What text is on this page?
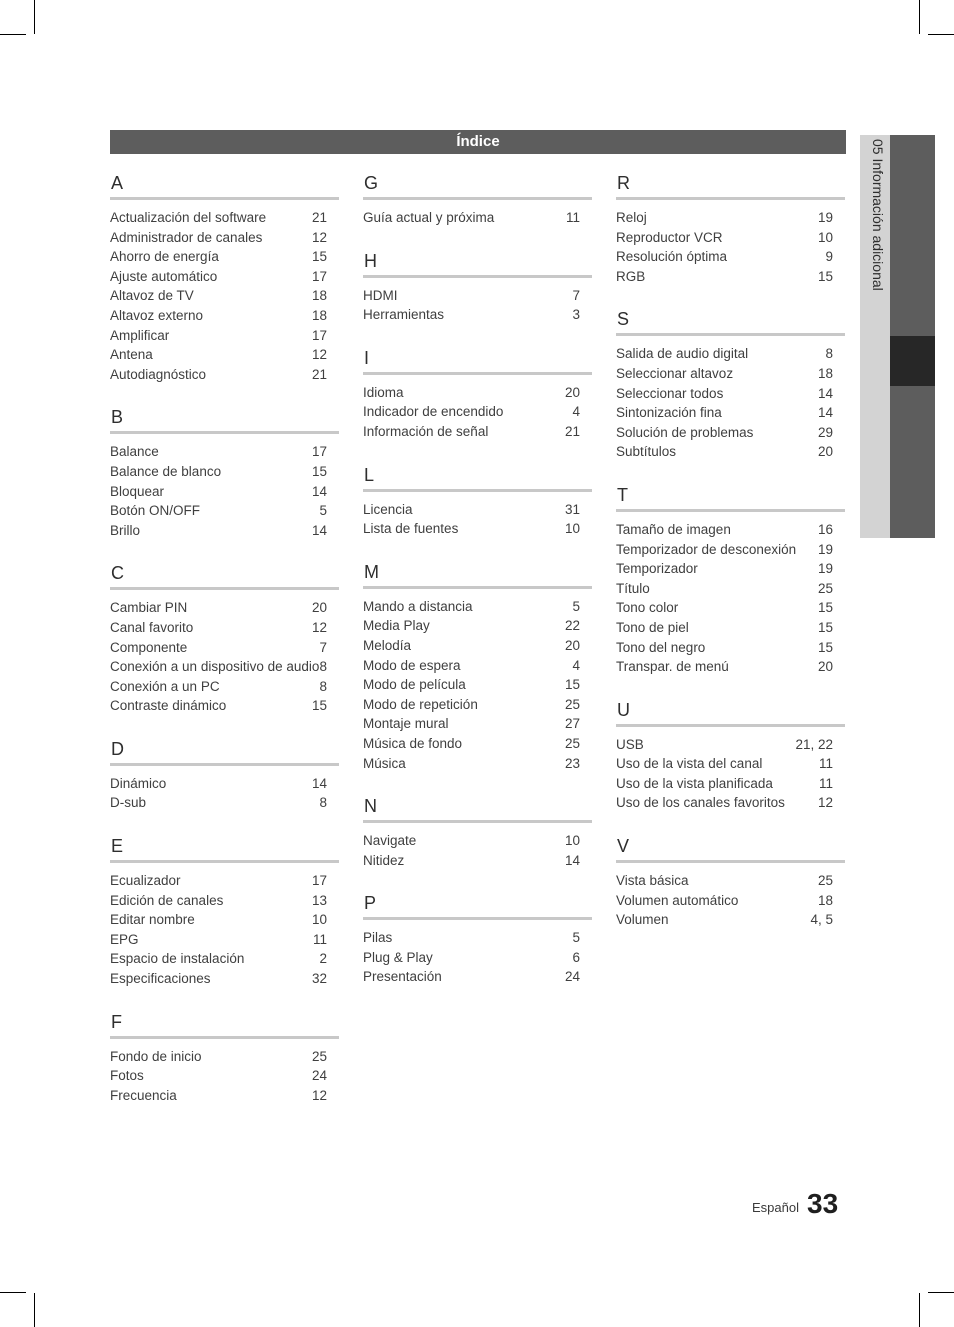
Índice
A
Actualización del software	21
Administrador de canales	12
Ahorro de energía	15
Ajuste automático	17
Altavoz de TV	18
Altavoz externo	18
Amplificar	17
Antena	12
Autodiagnóstico	21
B
Balance	17
Balance de blanco	15
Bloquear	14
Botón ON/OFF	5
Brillo	14
C
Cambiar PIN	20
Canal favorito	12
Componente	7
Conexión a un dispositivo de audio 8
Conexión a un PC	8
Contraste dinámico	15
D
Dinámico	14
D-sub	8
E
Ecualizador	17
Edición de canales	13
Editar nombre	10
EPG	11
Espacio de instalación	2
Especificaciones	32
F
Fondo de inicio	25
Fotos	24
Frecuencia	12
G
Guía actual y próxima	11
H
HDMI	7
Herramientas	3
I
Idioma	20
Indicador de encendido	4
Información de señal	21
L
Licencia	31
Lista de fuentes	10
M
Mando a distancia	5
Media Play	22
Melodía	20
Modo de espera	4
Modo de película	15
Modo de repetición	25
Montaje mural	27
Música de fondo	25
Música	23
N
Navigate	10
Nitidez	14
P
Pilas	5
Plug & Play	6
Presentación	24
R
Reloj	19
Reproductor VCR	10
Resolución óptima	9
RGB	15
S
Salida de audio digital	8
Seleccionar altavoz	18
Seleccionar todos	14
Sintonización fina	14
Solución de problemas	29
Subtítulos	20
T
Tamaño de imagen	16
Temporizador de desconexión 19
Temporizador	19
Título	25
Tono color	15
Tono de piel	15
Tono del negro	15
Transpar. de menú	20
U
USB	21, 22
Uso de la vista del canal	11
Uso de la vista planificada	11
Uso de los canales favoritos 12
V
Vista básica	25
Volumen automático	18
Volumen	4, 5
05 Información adicional
Español 33
